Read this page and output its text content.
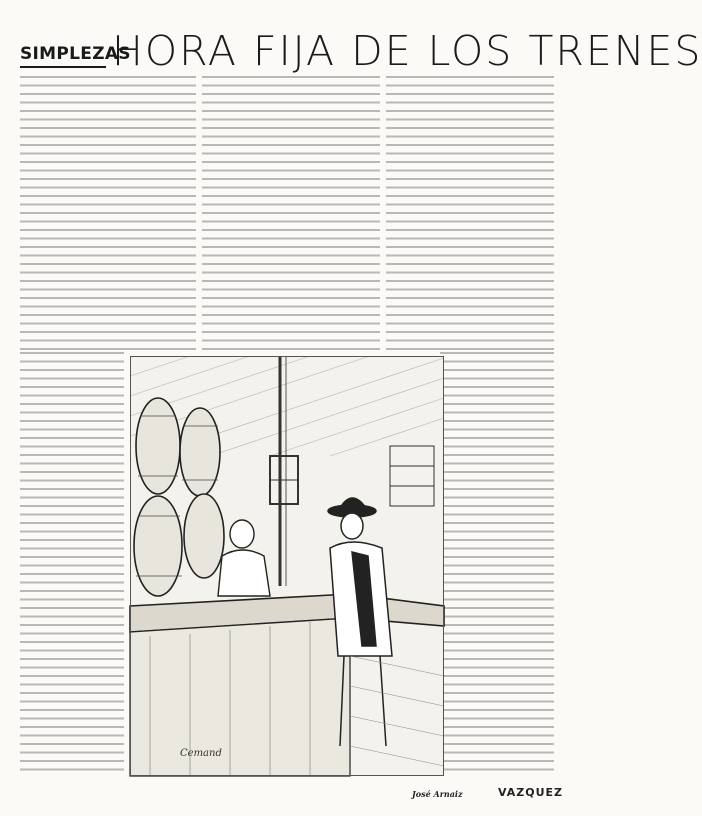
SIMPLEZAS
HORA FIJA DE LOS TRENES
Cemand
José Arnaiz	VAZQUEZ
